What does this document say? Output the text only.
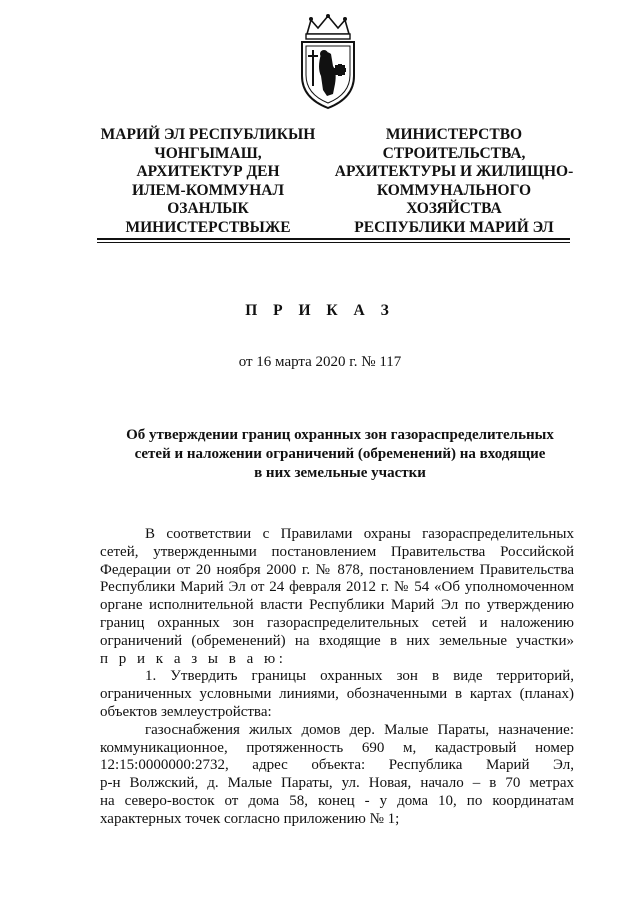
МАРИЙ ЭЛ РЕСПУБЛИКЫН
ЧОНГЫМАШ,
АРХИТЕКТУР ДЕН
ИЛЕМ-КОММУНАЛ
ОЗАНЛЫК
МИНИСТЕРСТВЫЖЕ
МИНИСТЕРСТВО
СТРОИТЕЛЬСТВА,
АРХИТЕКТУРЫ И ЖИЛИЩНО-
КОММУНАЛЬНОГО
ХОЗЯЙСТВА
РЕСПУБЛИКИ МАРИЙ ЭЛ
П Р И К А З
от 16 марта 2020 г. № 117
Об утверждении границ охранных зон газораспределительных
сетей и наложении ограничений (обременений) на входящие
в них земельные участки
В соответствии с Правилами охраны газораспределительных
сетей, утвержденными постановлением Правительства Российской
Федерации от 20 ноября 2000 г. № 878, постановлением Правительства
Республики Марий Эл от 24 февраля 2012 г. № 54 «Об уполномоченном
органе исполнительной власти Республики Марий Эл по утверждению
границ охранных зон газораспределительных сетей и наложению
ограничений (обременений) на входящие в них земельные участки»
п р и к а з ы в а ю:
1. Утвердить границы охранных зон в виде территорий,
ограниченных условными линиями, обозначенными в картах (планах)
объектов землеустройства:
газоснабжения жилых домов дер. Малые Параты, назначение:
коммуникационное, протяженность 690 м, кадастровый номер
12:15:0000000:2732, адрес объекта: Республика Марий Эл,
р-н Волжский, д. Малые Параты, ул. Новая, начало – в 70 метрах
на северо-восток от дома 58, конец - у дома 10, по координатам
характерных точек согласно приложению № 1;
